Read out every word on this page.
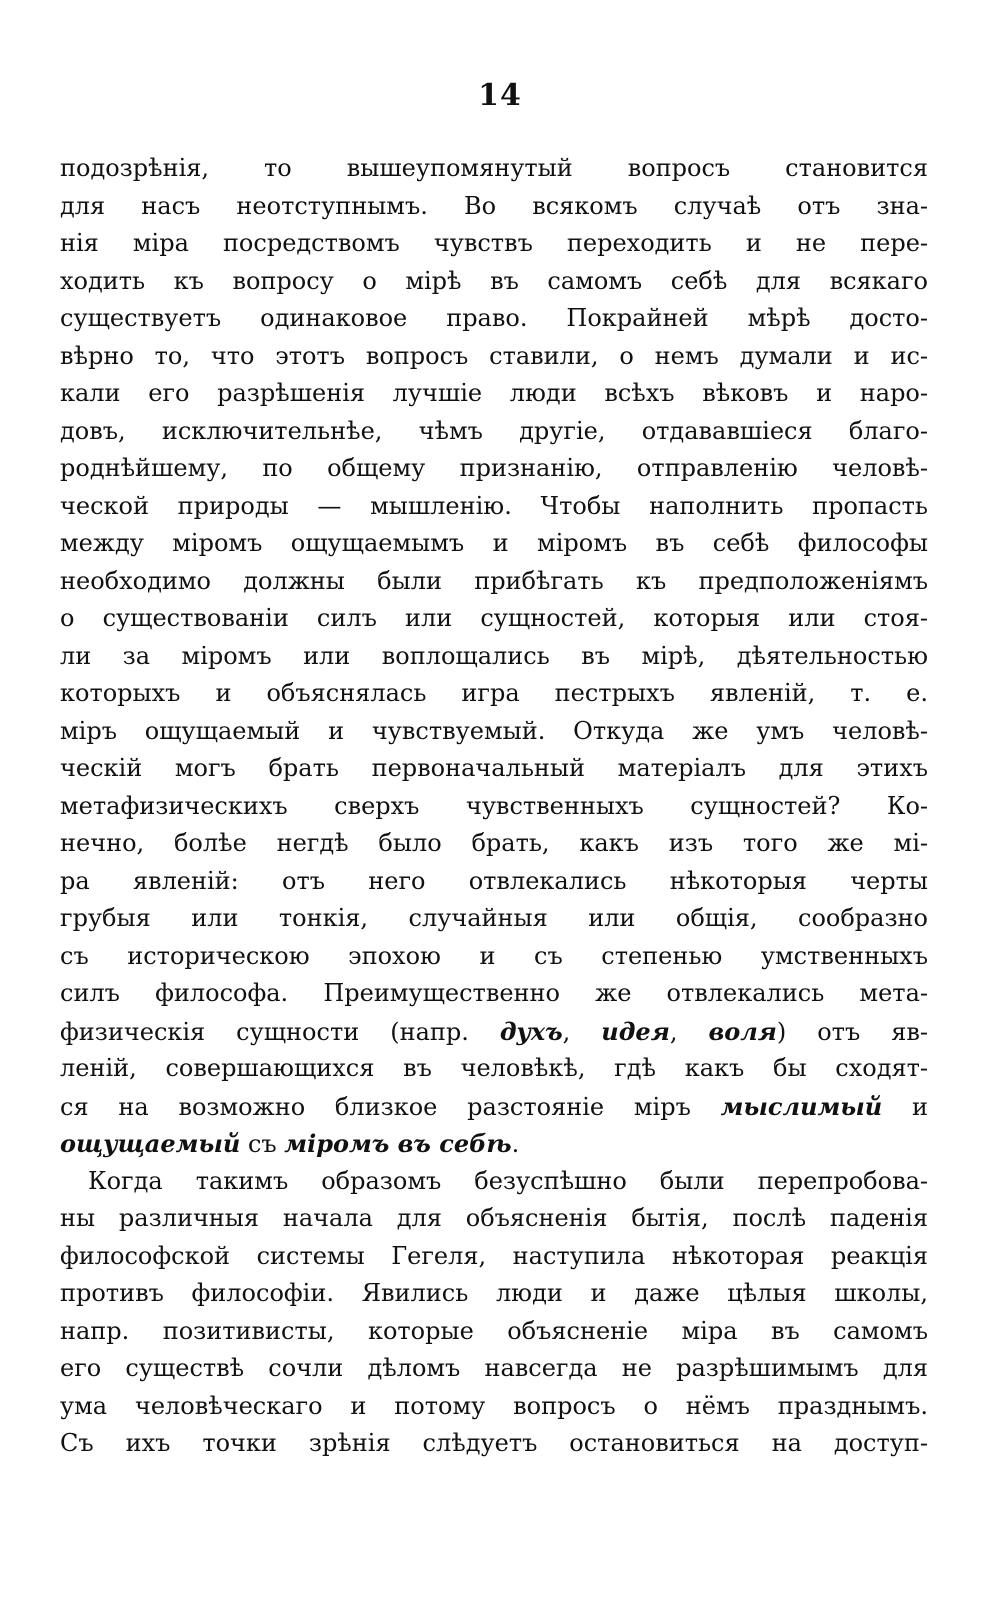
14
подозрѣнія, то вышеупомянутый вопросъ становится
для насъ неотступнымъ. Во всякомъ случаѣ отъ зна-
нія міра посредствомъ чувствъ переходить и не пере-
ходить къ вопросу о мірѣ въ самомъ себѣ для всякаго
существуетъ одинаковое право. Покрайней мѣрѣ досто-
вѣрно то, что этотъ вопросъ ставили, о немъ думали и ис-
кали его разрѣшенія лучшіе люди всѣхъ вѣковъ и наро-
довъ, исключительнѣе, чѣмъ другіе, отдававшіеся благо-
роднѣйшему, по общему признанію, отправленію человѣ-
ческой природы — мышленію. Чтобы наполнить пропасть
между міромъ ощущаемымъ и міромъ въ себѣ философы
необходимо должны были прибѣгать къ предположеніямъ
о существованіи силъ или сущностей, которыя или стоя-
ли за міромъ или воплощались въ мірѣ, дѣятельностью
которыхъ и объяснялась игра пестрыхъ явленій, т. е.
міръ ощущаемый и чувствуемый. Откуда же умъ человѣ-
ческій могъ брать первоначальный матеріалъ для этихъ
метафизическихъ сверхъ чувственныхъ сущностей? Ко-
нечно, болѣе негдѣ было брать, какъ изъ того же мі-
ра явленій: отъ него отвлекались нѣкоторыя черты
грубыя или тонкія, случайныя или общія, сообразно
съ историческою эпохою и съ степенью умственныхъ
силъ философа. Преимущественно же отвлекались мета-
физическія сущности (напр. духъ, идея, воля) отъ яв-
леній, совершающихся въ человѣкѣ, гдѣ какъ бы сходят-
ся на возможно близкое разстояніе міръ мыслимый и
ощущаемый съ міромъ въ себѣ.
Когда такимъ образомъ безуспѣшно были перепробова-
ны различныя начала для объясненія бытія, послѣ паденія
философской системы Гегеля, наступила нѣкоторая реакція
противъ философіи. Явились люди и даже цѣлыя школы,
напр. позитивисты, которые объясненіе міра въ самомъ
его существѣ сочли дѣломъ навсегда не разрѣшимымъ для
ума человѣческаго и потому вопросъ о нёмъ празднымъ.
Съ ихъ точки зрѣнія слѣдуетъ остановиться на доступ-
